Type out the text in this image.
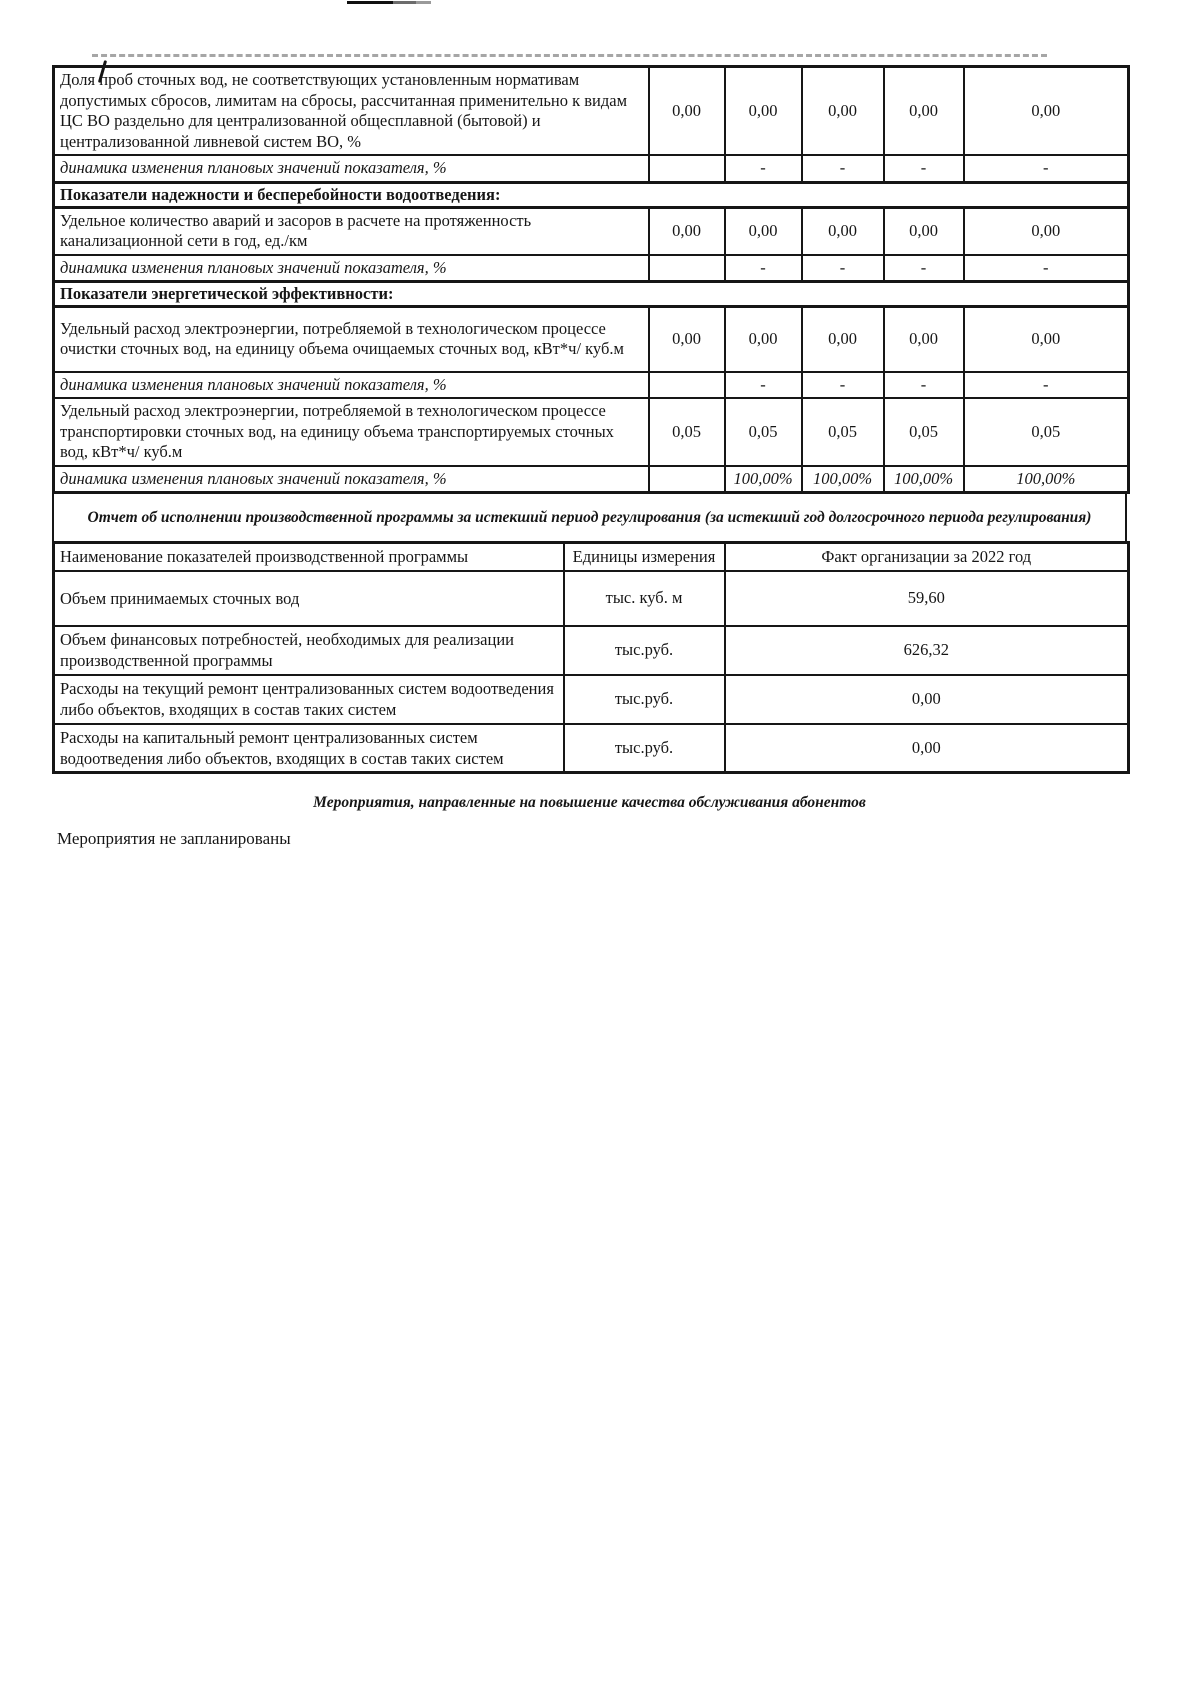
Доля проб сточных вод, не соответствующих установленным нормативам допустимых сбросов, лимитам на сбросы, рассчитанная применительно к видам ЦС ВО раздельно для централизованной общесплавной (бытовой) и централизованной ливневой систем ВО, %	0,00	0,00	0,00	0,00	0,00
динамика изменения плановых значений показателя, %		-	-	-	-
Показатели надежности и бесперебойности водоотведения:					
Удельное количество аварий и засоров в расчете на протяженность канализационной сети в год, ед./км	0,00	0,00	0,00	0,00	0,00
динамика изменения плановых значений показателя, %		-	-	-	-
Показатели энергетической эффективности:					
Удельный расход электроэнергии, потребляемой в технологическом процессе очистки сточных вод, на единицу объема очищаемых сточных вод, кВт*ч/ куб.м	0,00	0,00	0,00	0,00	0,00
динамика изменения плановых значений показателя, %		-	-	-	-
Удельный расход электроэнергии, потребляемой в технологическом процессе транспортировки сточных вод, на единицу объема транспортируемых сточных вод, кВт*ч/ куб.м	0,05	0,05	0,05	0,05	0,05
динамика изменения плановых значений показателя, %		100,00%	100,00%	100,00%	100,00%
Отчет об исполнении производственной программы за истекший период регулирования (за истекший год долгосрочного периода регулирования)
Наименование показателей производственной программы	Единицы измерения	Факт организации за 2022 год
Объем принимаемых сточных вод	тыс. куб. м	59,60
Объем финансовых потребностей, необходимых для реализации производственной программы	тыс.руб.	626,32
Расходы на текущий ремонт централизованных систем водоотведения либо объектов, входящих в состав таких систем	тыс.руб.	0,00
Расходы на капитальный ремонт централизованных систем водоотведения либо объектов, входящих в состав таких систем	тыс.руб.	0,00
Мероприятия, направленные на повышение качества обслуживания абонентов
Мероприятия не запланированы
